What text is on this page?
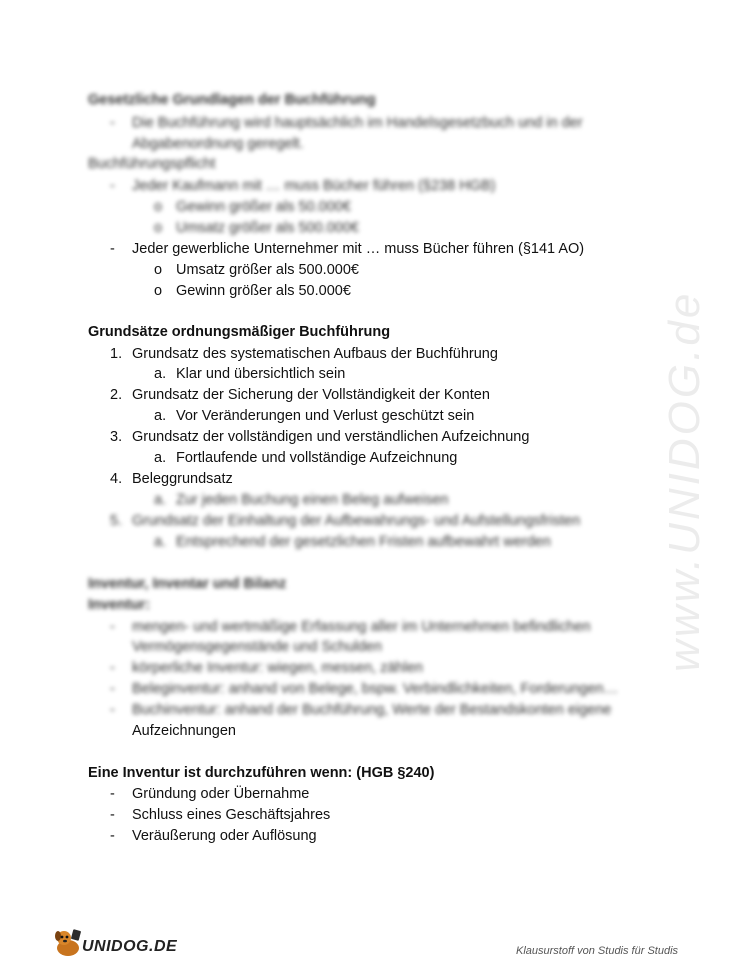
www.UNIDOG.de
Gesetzliche Grundlagen der Buchführung
- Die Buchführung wird hauptsächlich im Handelsgesetzbuch und in der
Abgabenordnung geregelt.
Buchführungspflicht
- Jeder Kaufmann mit … muss Bücher führen (§238 HGB)
o Gewinn größer als 50.000€
o Umsatz größer als 500.000€
- Jeder gewerbliche Unternehmer mit … muss Bücher führen (§141 AO)
o Umsatz größer als 500.000€
o Gewinn größer als 50.000€
Grundsätze ordnungsmäßiger Buchführung
1. Grundsatz des systematischen Aufbaus der Buchführung
a. Klar und übersichtlich sein
2. Grundsatz der Sicherung der Vollständigkeit der Konten
a. Vor Veränderungen und Verlust geschützt sein
3. Grundsatz der vollständigen und verständlichen Aufzeichnung
a. Fortlaufende und vollständige Aufzeichnung
4. Beleggrundsatz
a. Zur jeden Buchung einen Beleg aufweisen
5. Grundsatz der Einhaltung der Aufbewahrungs- und Aufstellungsfristen
a. Entsprechend der gesetzlichen Fristen aufbewahrt werden
Inventur, Inventar und Bilanz
Inventur:
- mengen- und wertmäßige Erfassung aller im Unternehmen befindlichen
Vermögensgegenstände und Schulden
- körperliche Inventur: wiegen, messen, zählen
- Beleginventur: anhand von Belege, bspw. Verbindlichkeiten, Forderungen…
- Buchinventur: anhand der Buchführung, Werte der Bestandskonten eigene
Aufzeichnungen
Eine Inventur ist durchzuführen wenn: (HGB §240)
- Gründung oder Übernahme
- Schluss eines Geschäftsjahres
- Veräußerung oder Auflösung
UNIDOG.DE	Klausurstoff von Studis für Studis
